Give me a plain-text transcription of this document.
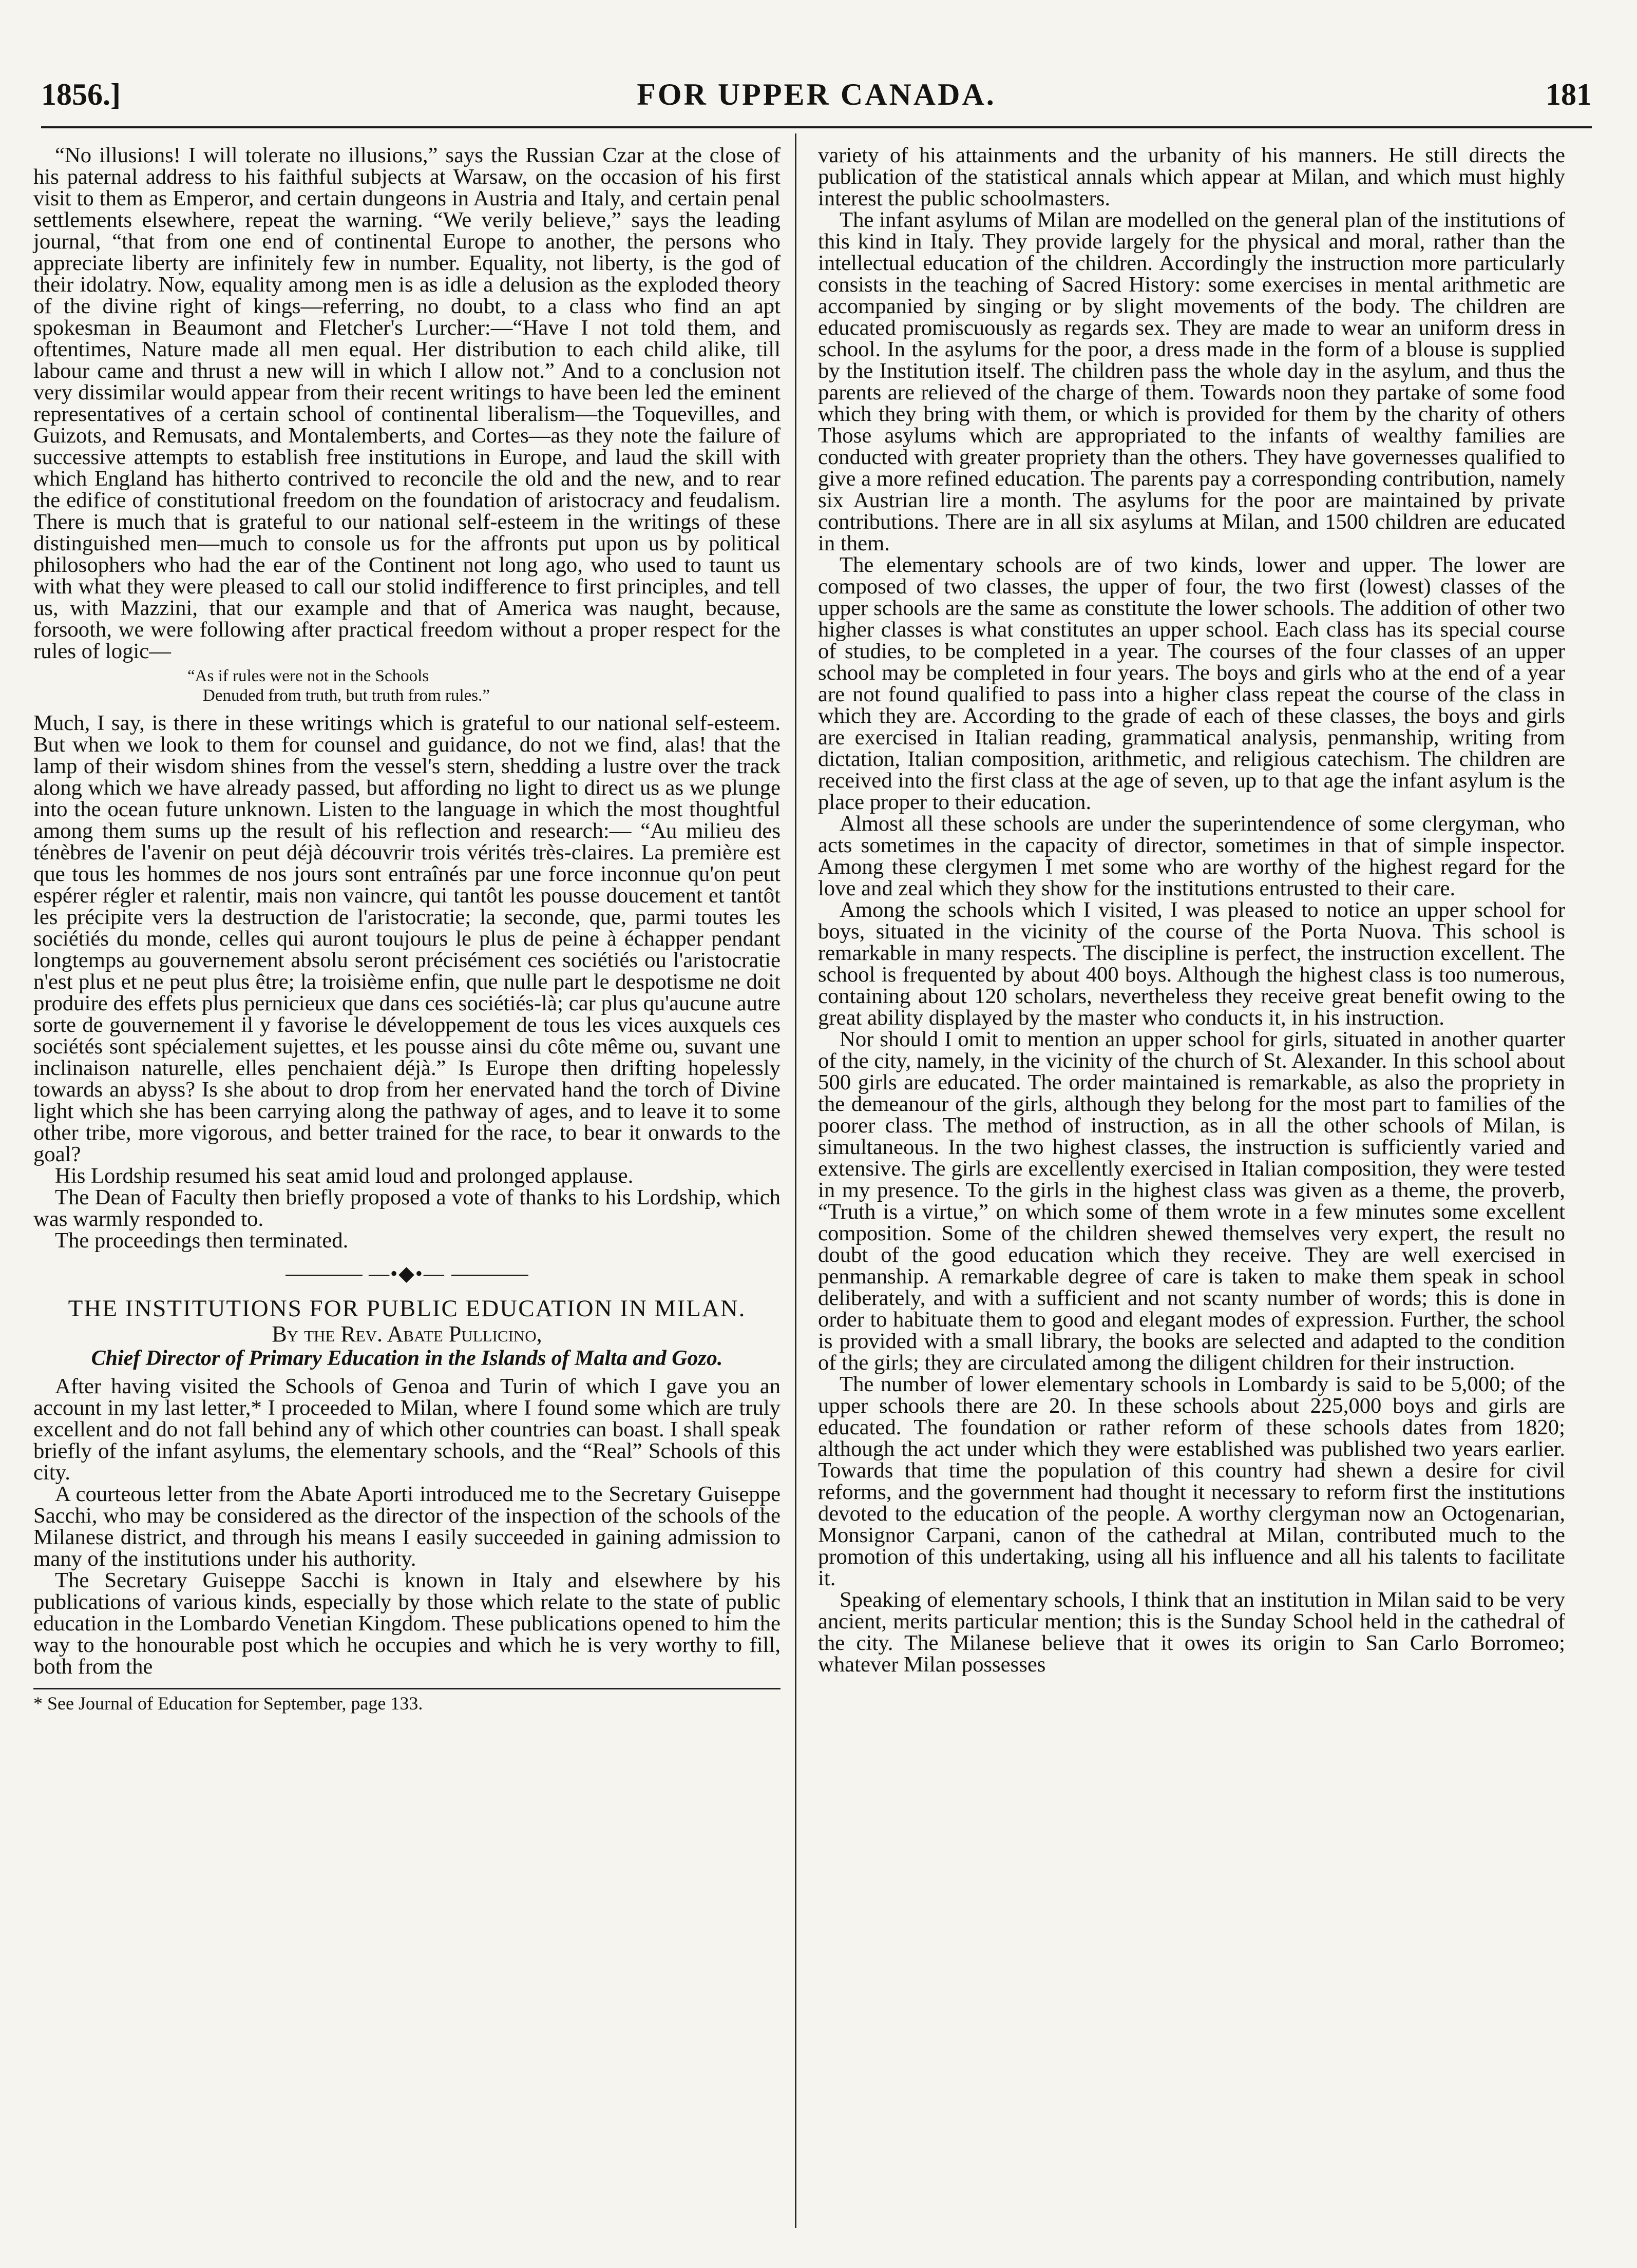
1856.]	FOR UPPER CANADA.	181

“No illusions! I will tolerate no illusions,” says the Russian Czar at the close of his paternal address to his faithful subjects at Warsaw, on the occasion of his first visit to them as Emperor, and certain dungeons in Austria and Italy, and certain penal settlements elsewhere, repeat the warning. “We verily believe,” says the leading journal, “that from one end of continental Europe to another, the persons who appreciate liberty are infinitely few in number. Equality, not liberty, is the god of their idolatry. Now, equality among men is as idle a delusion as the exploded theory of the divine right of kings—referring, no doubt, to a class who find an apt spokesman in Beaumont and Fletcher's Lurcher:—“Have I not told them, and oftentimes, Nature made all men equal. Her distribution to each child alike, till labour came and thrust a new will in which I allow not.” And to a conclusion not very dissimilar would appear from their recent writings to have been led the eminent representatives of a certain school of continental liberalism—the Toquevilles, and Guizots, and Remusats, and Montalemberts, and Cortes—as they note the failure of successive attempts to establish free institutions in Europe, and laud the skill with which England has hitherto contrived to reconcile the old and the new, and to rear the edifice of constitutional freedom on the foundation of aristocracy and feudalism. There is much that is grateful to our national self-esteem in the writings of these distinguished men—much to console us for the affronts put upon us by political philosophers who had the ear of the Continent not long ago, who used to taunt us with what they were pleased to call our stolid indifference to first principles, and tell us, with Mazzini, that our example and that of America was naught, because, forsooth, we were following after practical freedom without a proper respect for the rules of logic—

“As if rules were not in the Schools
Denuded from truth, but truth from rules.”

Much, I say, is there in these writings which is grateful to our national self-esteem. But when we look to them for counsel and guidance, do not we find, alas! that the lamp of their wisdom shines from the vessel's stern, shedding a lustre over the track along which we have already passed, but affording no light to direct us as we plunge into the ocean future unknown. Listen to the language in which the most thoughtful among them sums up the result of his reflection and research:— “Au milieu des ténèbres de l'avenir on peut déjà découvrir trois vérités très-claires. La première est que tous les hommes de nos jours sont entraînés par une force inconnue qu'on peut espérer régler et ralentir, mais non vaincre, qui tantôt les pousse doucement et tantôt les précipite vers la destruction de l'aristocratie; la seconde, que, parmi toutes les sociétiés du monde, celles qui auront toujours le plus de peine à échapper pendant longtemps au gouvernement absolu seront précisément ces sociétiés ou l'aristocratie n'est plus et ne peut plus être; la troisième enfin, que nulle part le despotisme ne doit produire des effets plus pernicieux que dans ces sociétiés-là; car plus qu'aucune autre sorte de gouvernement il y favorise le développement de tous les vices auxquels ces sociétés sont spécialement sujettes, et les pousse ainsi du côte même ou, suvant une inclinaison naturelle, elles penchaient déjà.” Is Europe then drifting hopelessly towards an abyss? Is she about to drop from her enervated hand the torch of Divine light which she has been carrying along the pathway of ages, and to leave it to some other tribe, more vigorous, and better trained for the race, to bear it onwards to the goal?

His Lordship resumed his seat amid loud and prolonged applause.

The Dean of Faculty then briefly proposed a vote of thanks to his Lordship, which was warmly responded to.

The proceedings then terminated.

—•◆•—
THE INSTITUTIONS FOR PUBLIC EDUCATION IN MILAN.
By the Rev. Abate Pullicino,
Chief Director of Primary Education in the Islands of Malta and Gozo.

After having visited the Schools of Genoa and Turin of which I gave you an account in my last letter,* I proceeded to Milan, where I found some which are truly excellent and do not fall behind any of which other countries can boast. I shall speak briefly of the infant asylums, the elementary schools, and the “Real” Schools of this city.

A courteous letter from the Abate Aporti introduced me to the Secretary Guiseppe Sacchi, who may be considered as the director of the inspection of the schools of the Milanese district, and through his means I easily succeeded in gaining admission to many of the institutions under his authority.

The Secretary Guiseppe Sacchi is known in Italy and elsewhere by his publications of various kinds, especially by those which relate to the state of public education in the Lombardo Venetian Kingdom. These publications opened to him the way to the honourable post which he occupies and which he is very worthy to fill, both from the

* See Journal of Education for September, page 133.

variety of his attainments and the urbanity of his manners. He still directs the publication of the statistical annals which appear at Milan, and which must highly interest the public schoolmasters.

The infant asylums of Milan are modelled on the general plan of the institutions of this kind in Italy. They provide largely for the physical and moral, rather than the intellectual education of the children. Accordingly the instruction more particularly consists in the teaching of Sacred History: some exercises in mental arithmetic are accompanied by singing or by slight movements of the body. The children are educated promiscuously as regards sex. They are made to wear an uniform dress in school. In the asylums for the poor, a dress made in the form of a blouse is supplied by the Institution itself. The children pass the whole day in the asylum, and thus the parents are relieved of the charge of them. Towards noon they partake of some food which they bring with them, or which is provided for them by the charity of others Those asylums which are appropriated to the infants of wealthy families are conducted with greater propriety than the others. They have governesses qualified to give a more refined education. The parents pay a corresponding contribution, namely six Austrian lire a month. The asylums for the poor are maintained by private contributions. There are in all six asylums at Milan, and 1500 children are educated in them.

The elementary schools are of two kinds, lower and upper. The lower are composed of two classes, the upper of four, the two first (lowest) classes of the upper schools are the same as constitute the lower schools. The addition of other two higher classes is what constitutes an upper school. Each class has its special course of studies, to be completed in a year. The courses of the four classes of an upper school may be completed in four years. The boys and girls who at the end of a year are not found qualified to pass into a higher class repeat the course of the class in which they are. According to the grade of each of these classes, the boys and girls are exercised in Italian reading, grammatical analysis, penmanship, writing from dictation, Italian composition, arithmetic, and religious catechism. The children are received into the first class at the age of seven, up to that age the infant asylum is the place proper to their education.

Almost all these schools are under the superintendence of some clergyman, who acts sometimes in the capacity of director, sometimes in that of simple inspector. Among these clergymen I met some who are worthy of the highest regard for the love and zeal which they show for the institutions entrusted to their care.

Among the schools which I visited, I was pleased to notice an upper school for boys, situated in the vicinity of the course of the Porta Nuova. This school is remarkable in many respects. The discipline is perfect, the instruction excellent. The school is frequented by about 400 boys. Although the highest class is too numerous, containing about 120 scholars, nevertheless they receive great benefit owing to the great ability displayed by the master who conducts it, in his instruction.

Nor should I omit to mention an upper school for girls, situated in another quarter of the city, namely, in the vicinity of the church of St. Alexander. In this school about 500 girls are educated. The order maintained is remarkable, as also the propriety in the demeanour of the girls, although they belong for the most part to families of the poorer class. The method of instruction, as in all the other schools of Milan, is simultaneous. In the two highest classes, the instruction is sufficiently varied and extensive. The girls are excellently exercised in Italian composition, they were tested in my presence. To the girls in the highest class was given as a theme, the proverb, “Truth is a virtue,” on which some of them wrote in a few minutes some excellent composition. Some of the children shewed themselves very expert, the result no doubt of the good education which they receive. They are well exercised in penmanship. A remarkable degree of care is taken to make them speak in school deliberately, and with a sufficient and not scanty number of words; this is done in order to habituate them to good and elegant modes of expression. Further, the school is provided with a small library, the books are selected and adapted to the condition of the girls; they are circulated among the diligent children for their instruction.

The number of lower elementary schools in Lombardy is said to be 5,000; of the upper schools there are 20. In these schools about 225,000 boys and girls are educated. The foundation or rather reform of these schools dates from 1820; although the act under which they were established was published two years earlier. Towards that time the population of this country had shewn a desire for civil reforms, and the government had thought it necessary to reform first the institutions devoted to the education of the people. A worthy clergyman now an Octogenarian, Monsignor Carpani, canon of the cathedral at Milan, contributed much to the promotion of this undertaking, using all his influence and all his talents to facilitate it.

Speaking of elementary schools, I think that an institution in Milan said to be very ancient, merits particular mention; this is the Sunday School held in the cathedral of the city. The Milanese believe that it owes its origin to San Carlo Borromeo; whatever Milan possesses
